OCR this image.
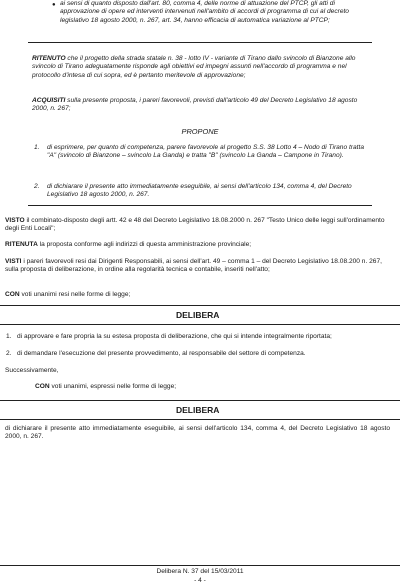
● ai sensi di quanto disposto dall'art. 80, comma 4, delle norme di attuazione del PTCP, gli atti di approvazione di opere ed interventi intervenuti nell'ambito di accordi di programma di cui al decreto legislativo 18 agosto 2000, n. 267, art. 34, hanno efficacia di automatica variazione al PTCP;

RITENUTO che il progetto della strada statale n. 38 - lotto IV - variante di Tirano dallo svincolo di Bianzone allo svincolo di Tirano adeguatamente risponde agli obiettivi ed impegni assunti nell'accordo di programma e nel protocollo d'intesa di cui sopra, ed è pertanto meritevole di approvazione;

ACQUISITI sulla presente proposta, i pareri favorevoli, previsti dall'articolo 49 del Decreto Legislativo 18 agosto 2000, n. 267;

PROPONE

1. di esprimere, per quanto di competenza, parere favorevole al progetto S.S. 38 Lotto 4 – Nodo di Tirano tratta "A" (svincolo di Bianzone – svincolo La Ganda) e tratta "B" (svincolo La Ganda – Campone in Tirano).

2. di dichiarare il presente atto immediatamente eseguibile, ai sensi dell'articolo 134, comma 4, del Decreto Legislativo 18 agosto 2000, n. 267.

VISTO il combinato-disposto degli artt. 42 e 48 del Decreto Legislativo 18.08.2000 n. 267 "Testo Unico delle leggi sull'ordinamento degli Enti Locali";

RITENUTA la proposta conforme agli indirizzi di questa amministrazione provinciale;

VISTI i pareri favorevoli resi dai Dirigenti Responsabili, ai sensi dell'art. 49 – comma 1 – del Decreto Legislativo 18.08.200 n. 267, sulla proposta di deliberazione, in ordine alla regolarità tecnica e contabile, inseriti nell'atto;

CON voti unanimi resi nelle forme di legge;

DELIBERA
1. di approvare e fare propria la su estesa proposta di deliberazione, che qui si intende integralmente riportata;

2. di demandare l'esecuzione del presente provvedimento, al responsabile del settore di competenza.

Successivamente,

CON voti unanimi, espressi nelle forme di legge;

DELIBERA

di dichiarare il presente atto immediatamente eseguibile, ai sensi dell'articolo 134, comma 4, del Decreto Legislativo 18 agosto 2000, n. 267.

Delibera N. 37 del 15/03/2011

- 4 -
